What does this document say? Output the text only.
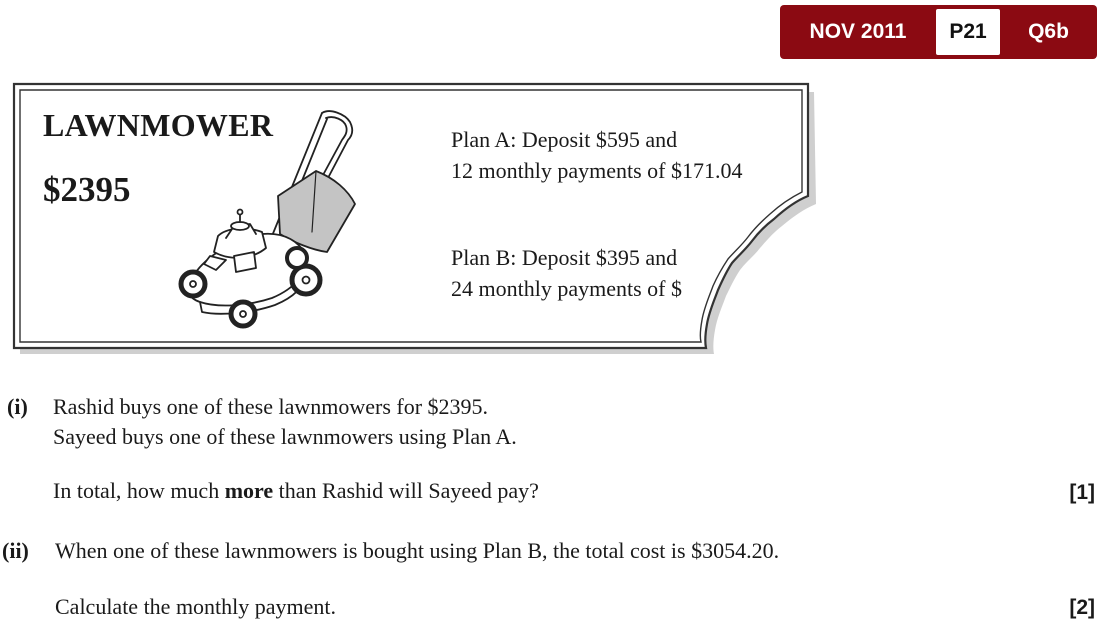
NOV 2011	P21	Q6b
LAWNMOWER
$2395
Plan A: Deposit $595 and
12 monthly payments of $171.04
Plan B: Deposit $395 and
24 monthly payments of $
(i) Rashid buys one of these lawnmowers for $2395.
Sayeed buys one of these lawnmowers using Plan A.
In total, how much more than Rashid will Sayeed pay?	[1]
(ii) When one of these lawnmowers is bought using Plan B, the total cost is $3054.20.
Calculate the monthly payment.	[2]
